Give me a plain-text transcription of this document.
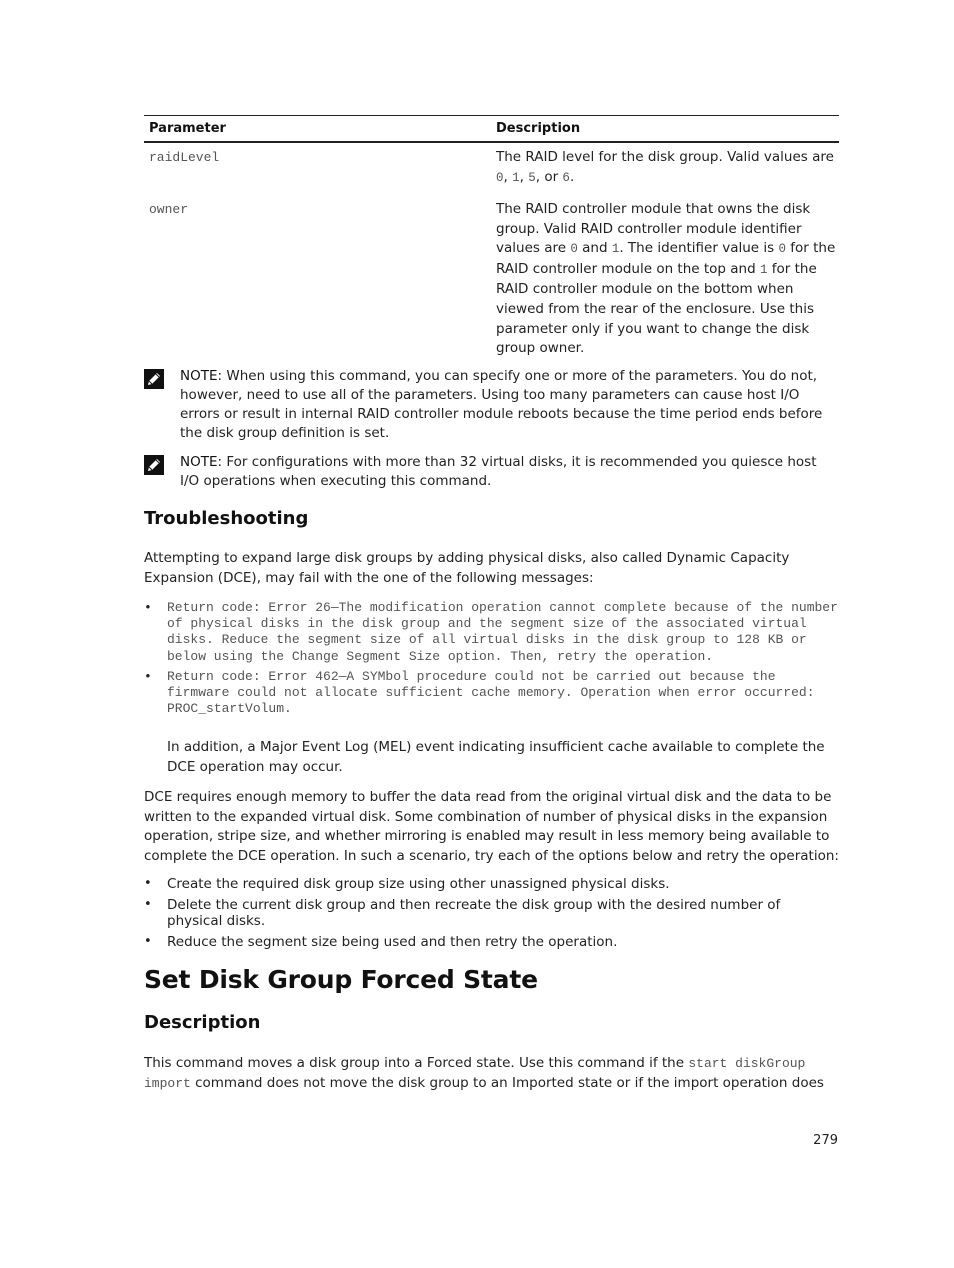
Parameter	Description
raidLevel	The RAID level for the disk group. Valid values are 0, 1, 5, or 6.
owner	The RAID controller module that owns the disk group. Valid RAID controller module identifier values are 0 and 1. The identifier value is 0 for the RAID controller module on the top and 1 for the RAID controller module on the bottom when viewed from the rear of the enclosure. Use this parameter only if you want to change the disk group owner.
NOTE: When using this command, you can specify one or more of the parameters. You do not, however, need to use all of the parameters. Using too many parameters can cause host I/O errors or result in internal RAID controller module reboots because the time period ends before the disk group definition is set.
NOTE: For configurations with more than 32 virtual disks, it is recommended you quiesce host I/O operations when executing this command.
Troubleshooting

Attempting to expand large disk groups by adding physical disks, also called Dynamic Capacity Expansion (DCE), may fail with the one of the following messages:

• Return code: Error 26—The modification operation cannot complete because of the number of physical disks in the disk group and the segment size of the associated virtual disks. Reduce the segment size of all virtual disks in the disk group to 128 KB or below using the Change Segment Size option. Then, retry the operation.
• Return code: Error 462—A SYMbol procedure could not be carried out because the firmware could not allocate sufficient cache memory. Operation when error occurred: PROC_startVolum.

In addition, a Major Event Log (MEL) event indicating insufficient cache available to complete the DCE operation may occur.

DCE requires enough memory to buffer the data read from the original virtual disk and the data to be written to the expanded virtual disk. Some combination of number of physical disks in the expansion operation, stripe size, and whether mirroring is enabled may result in less memory being available to complete the DCE operation. In such a scenario, try each of the options below and retry the operation:

• Create the required disk group size using other unassigned physical disks.
• Delete the current disk group and then recreate the disk group with the desired number of physical disks.
• Reduce the segment size being used and then retry the operation.
Set Disk Group Forced State
Description

This command moves a disk group into a Forced state. Use this command if the start diskGroup import command does not move the disk group to an Imported state or if the import operation does

279
